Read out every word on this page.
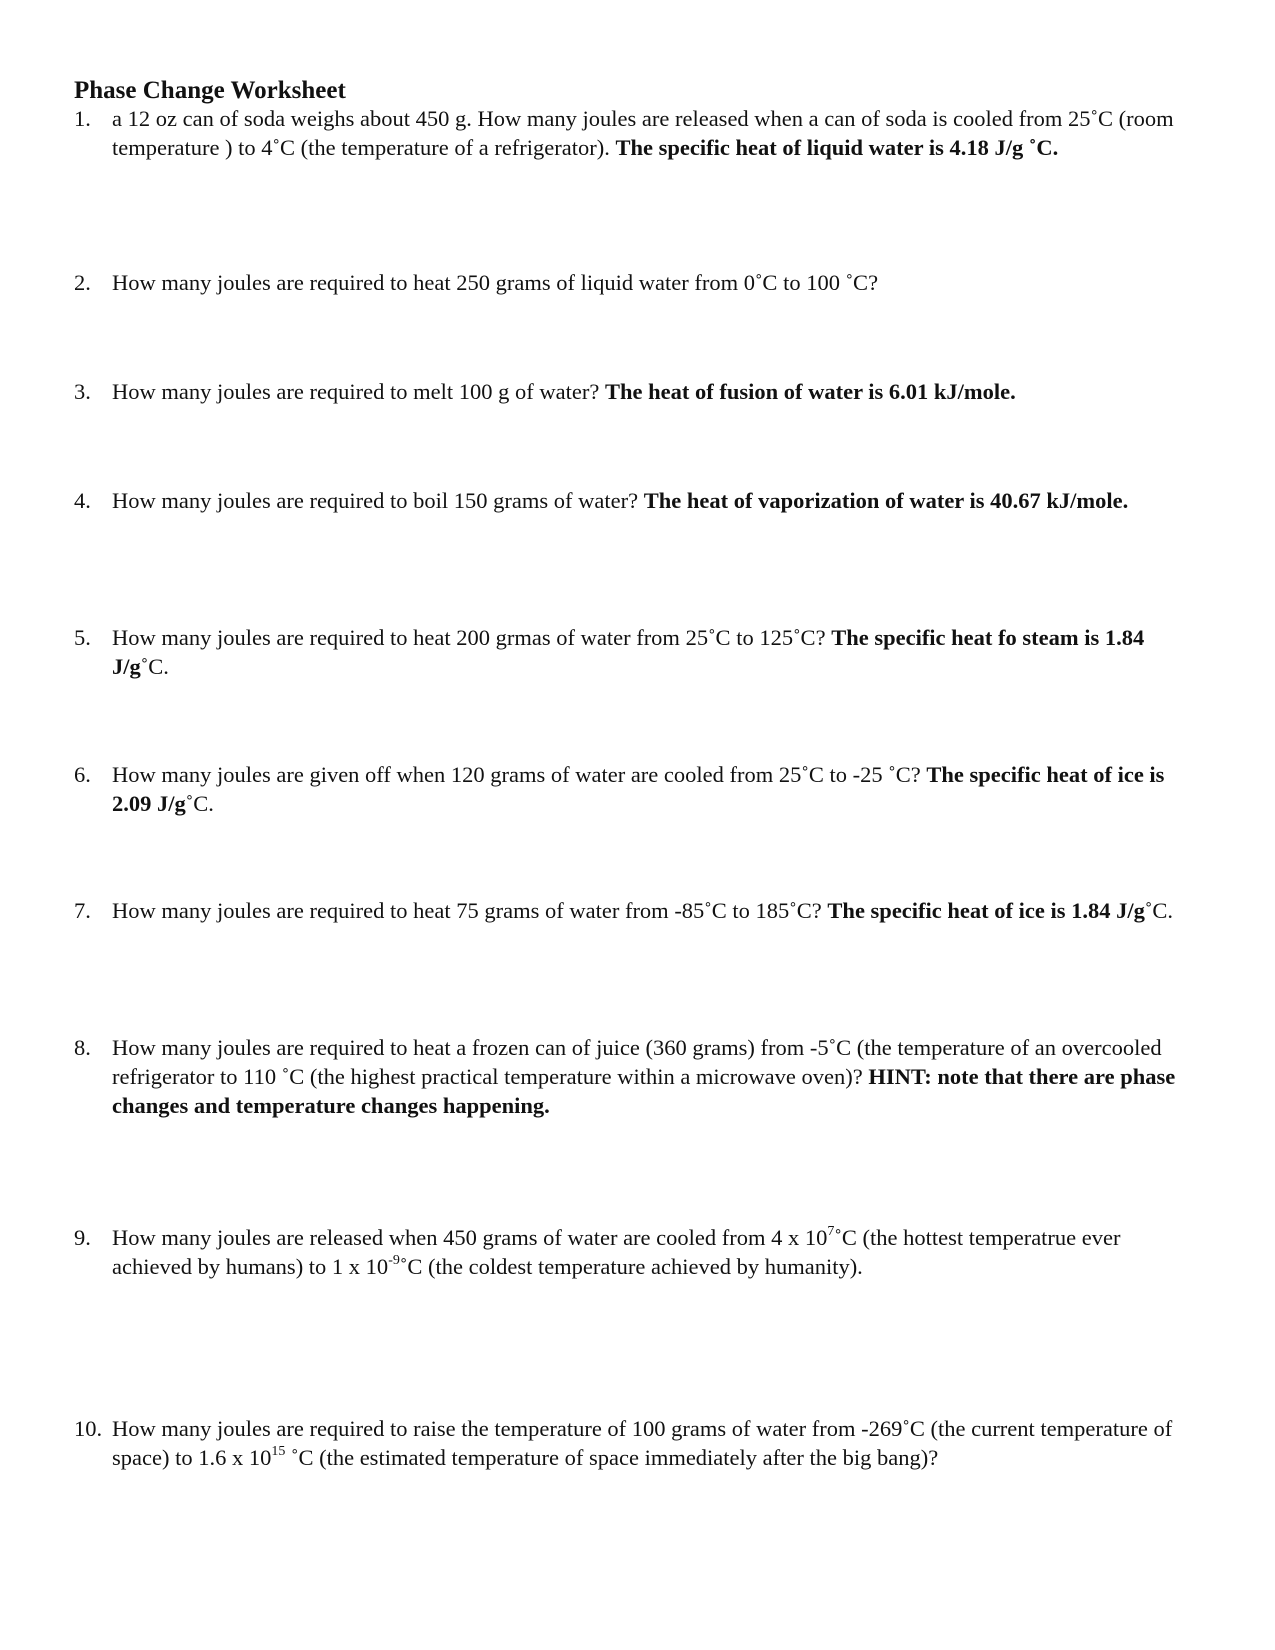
Phase Change Worksheet
1. a 12 oz can of soda weighs about 450 g. How many joules are released when a can of soda is cooled from 25˚C (room temperature ) to 4˚C (the temperature of a refrigerator). The specific heat of liquid water is 4.18 J/g ˚C.
2. How many joules are required to heat 250 grams of liquid water from 0˚C to 100 ˚C?
3. How many joules are required to melt 100 g of water? The heat of fusion of water is 6.01 kJ/mole.
4. How many joules are required to boil 150 grams of water? The heat of vaporization of water is 40.67 kJ/mole.
5. How many joules are required to heat 200 grmas of water from 25˚C to 125˚C? The specific heat fo steam is 1.84 J/g˚C.
6. How many joules are given off when 120 grams of water are cooled from 25˚C to -25 ˚C? The specific heat of ice is 2.09 J/g˚C.
7. How many joules are required to heat 75 grams of water from -85˚C to 185˚C? The specific heat of ice is 1.84 J/g˚C.
8. How many joules are required to heat a frozen can of juice (360 grams) from -5˚C (the temperature of an overcooled refrigerator to 110 ˚C (the highest practical temperature within a microwave oven)? HINT: note that there are phase changes and temperature changes happening.
9. How many joules are released when 450 grams of water are cooled from 4 x $10^7˚C$ (the hottest temperatrue ever achieved by humans) to 1 x $10^{-9}˚C$ (the coldest temperature achieved by humanity).
10. How many joules are required to raise the temperature of 100 grams of water from -269˚C (the current temperature of space) to 1.6 x $10^{15}$ ˚C (the estimated temperature of space immediately after the big bang)?
